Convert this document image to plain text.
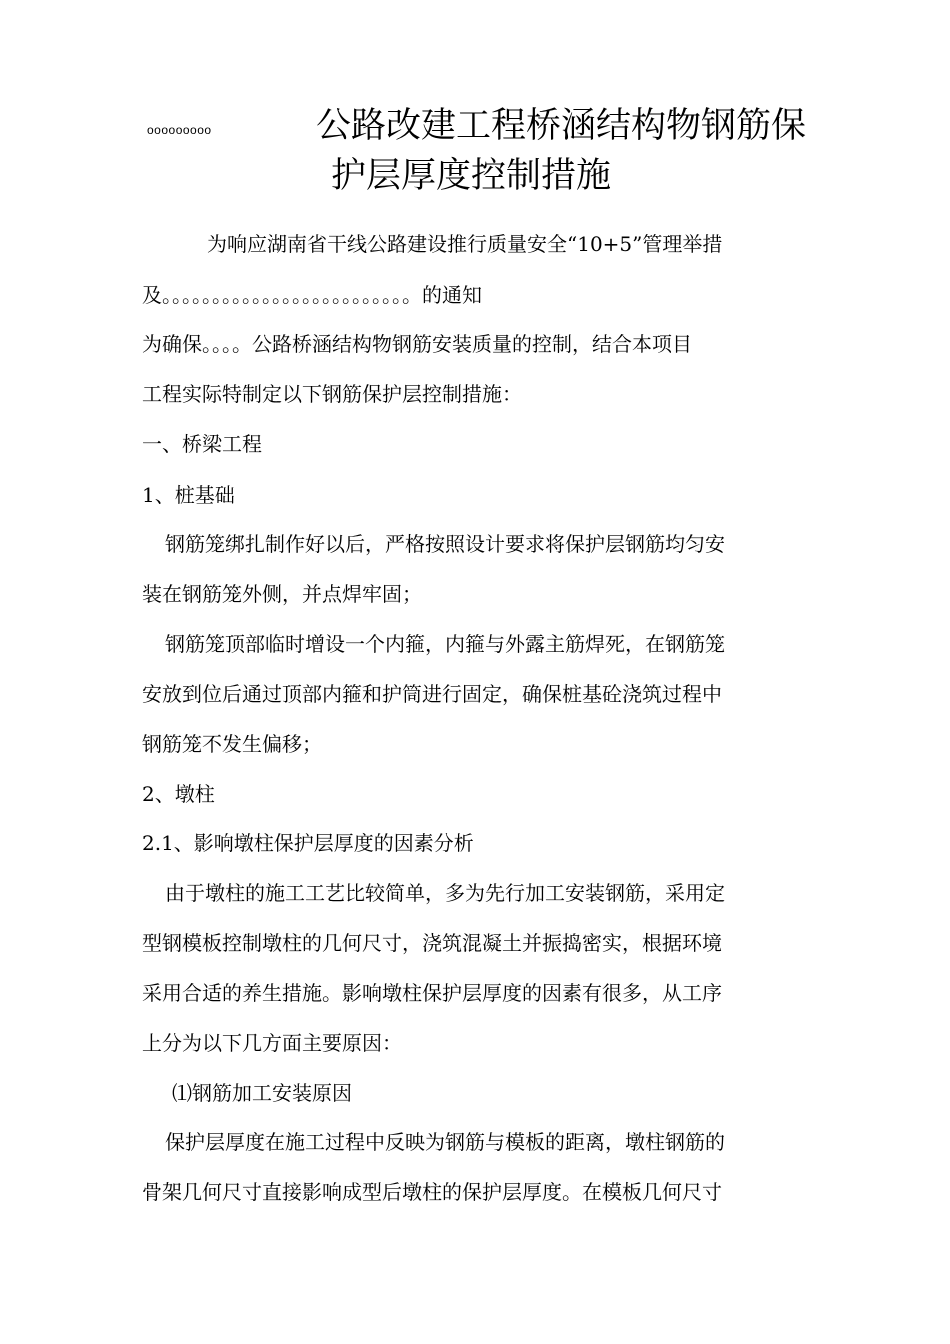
ooooooooo	公路改建工程桥涵结构物钢筋保
护层厚度控制措施
为响应湖南省干线公路建设推行质量安全“10+5”管理举措
及。。。。。。。。。。。。。。。。。。。。。。。。。的通知
为确保。。。。公路桥涵结构物钢筋安装质量的控制，结合本项目
工程实际特制定以下钢筋保护层控制措施：
一、桥梁工程
1、桩基础
钢筋笼绑扎制作好以后，严格按照设计要求将保护层钢筋均匀安
装在钢筋笼外侧，并点焊牢固；
钢筋笼顶部临时增设一个内箍，内箍与外露主筋焊死，在钢筋笼
安放到位后通过顶部内箍和护筒进行固定，确保桩基砼浇筑过程中
钢筋笼不发生偏移；
2、墩柱
2.1、影响墩柱保护层厚度的因素分析
由于墩柱的施工工艺比较简单，多为先行加工安装钢筋，采用定
型钢模板控制墩柱的几何尺寸，浇筑混凝土并振捣密实，根据环境
采用合适的养生措施。影响墩柱保护层厚度的因素有很多，从工序
上分为以下几方面主要原因：
⑴钢筋加工安装原因
保护层厚度在施工过程中反映为钢筋与模板的距离，墩柱钢筋的
骨架几何尺寸直接影响成型后墩柱的保护层厚度。在模板几何尺寸
